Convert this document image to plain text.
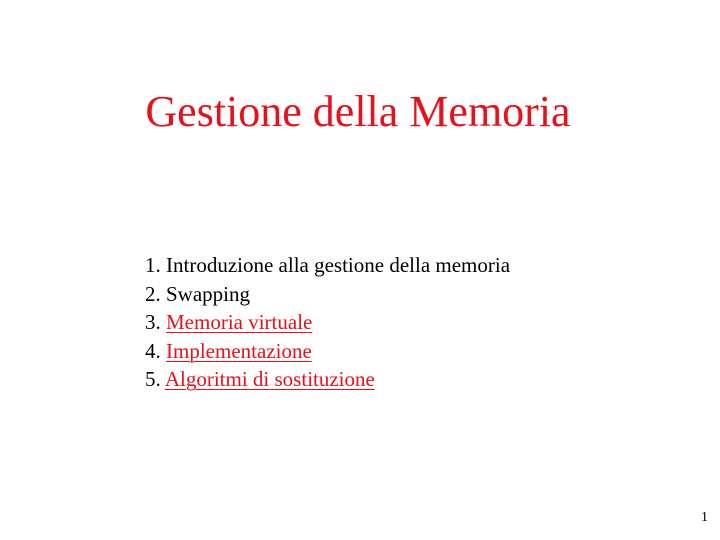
Gestione della Memoria
1. Introduzione alla gestione della memoria
2. Swapping
3. Memoria virtuale
4. Implementazione
5. Algoritmi di sostituzione
1
